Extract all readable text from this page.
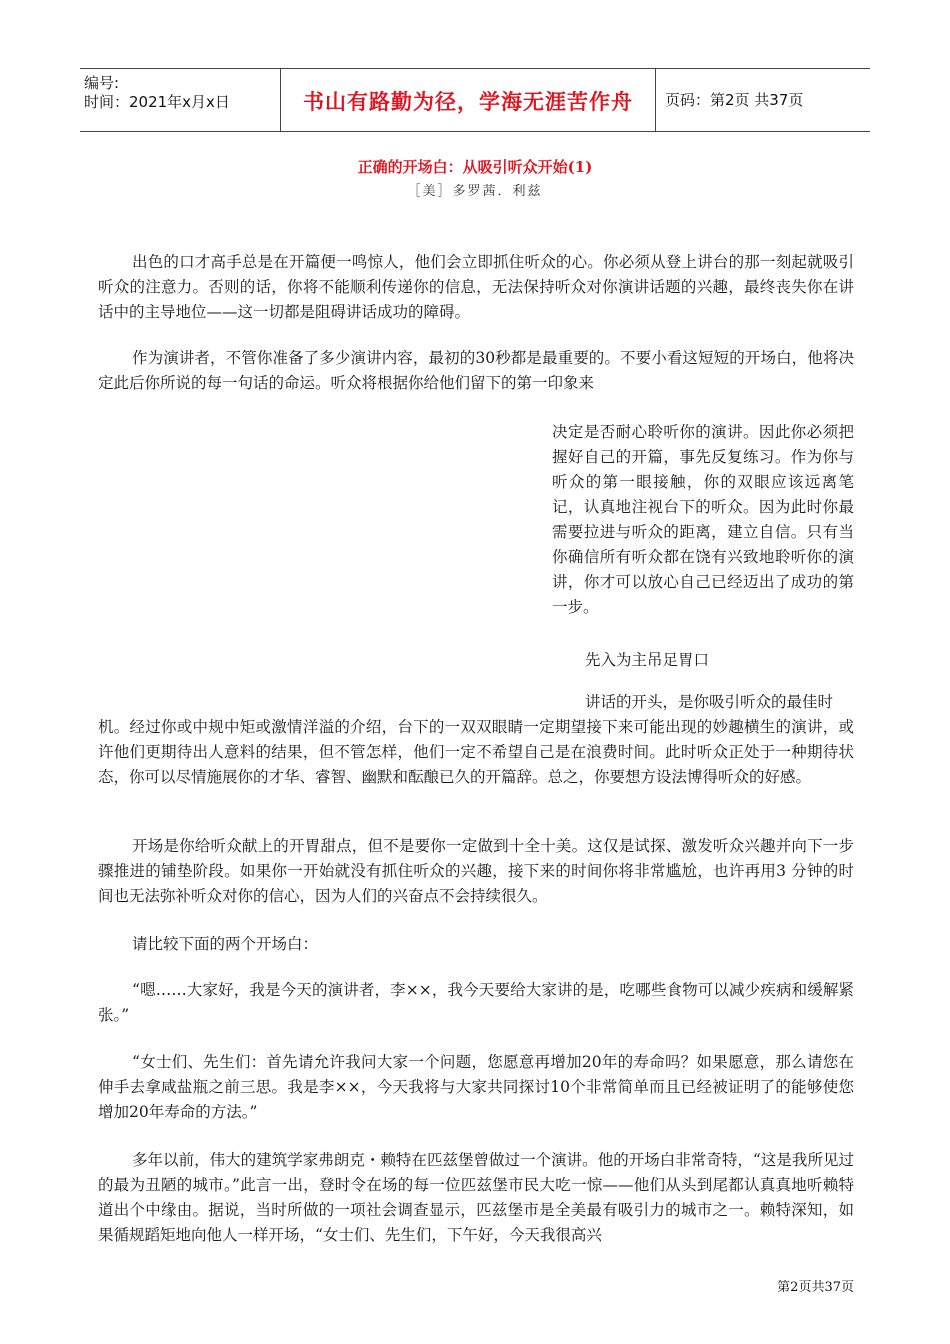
编号:
时间：2021年x月x日	书山有路勤为径，学海无涯苦作舟	页码：第2页 共37页
正确的开场白：从吸引听众开始(1)
［美］多罗茜．利兹

出色的口才高手总是在开篇便一鸣惊人，他们会立即抓住听众的心。你必须从登上讲台的那一刻起就吸引听众的注意力。否则的话，你将不能顺利传递你的信息，无法保持听众对你演讲话题的兴趣，最终丧失你在讲话中的主导地位——这一切都是阻碍讲话成功的障碍。

作为演讲者，不管你准备了多少演讲内容，最初的30秒都是最重要的。不要小看这短短的开场白，他将决定此后你所说的每一句话的命运。听众将根据你给他们留下的第一印象来

决定是否耐心聆听你的演讲。因此你必须把握好自己的开篇，事先反复练习。作为你与听众的第一眼接触，你的双眼应该远离笔记，认真地注视台下的听众。因为此时你最需要拉进与听众的距离，建立自信。只有当你确信所有听众都在饶有兴致地聆听你的演讲，你才可以放心自己已经迈出了成功的第一步。

先入为主吊足胃口
讲话的开头，是你吸引听众的最佳时

机。经过你或中规中矩或激情洋溢的介绍，台下的一双双眼睛一定期望接下来可能出现的妙趣横生的演讲，或许他们更期待出人意料的结果，但不管怎样，他们一定不希望自己是在浪费时间。此时听众正处于一种期待状态，你可以尽情施展你的才华、睿智、幽默和酝酿已久的开篇辞。总之，你要想方设法博得听众的好感。

开场是你给听众献上的开胃甜点，但不是要你一定做到十全十美。这仅是试探、激发听众兴趣并向下一步骤推进的铺垫阶段。如果你一开始就没有抓住听众的兴趣，接下来的时间你将非常尴尬，也许再用3 分钟的时间也无法弥补听众对你的信心，因为人们的兴奋点不会持续很久。

请比较下面的两个开场白：

“嗯……大家好，我是今天的演讲者，李××，我今天要给大家讲的是，吃哪些食物可以减少疾病和缓解紧张。”

“女士们、先生们：首先请允许我问大家一个问题，您愿意再增加20年的寿命吗？如果愿意，那么请您在伸手去拿咸盐瓶之前三思。我是李××，今天我将与大家共同探讨10个非常简单而且已经被证明了的能够使您增加20年寿命的方法。”

多年以前，伟大的建筑学家弗朗克・赖特在匹兹堡曾做过一个演讲。他的开场白非常奇特，“这是我所见过的最为丑陋的城市。”此言一出，登时令在场的每一位匹兹堡市民大吃一惊——他们从头到尾都认真真地听赖特道出个中缘由。据说，当时所做的一项社会调查显示，匹兹堡市是全美最有吸引力的城市之一。赖特深知，如果循规蹈矩地向他人一样开场，“女士们、先生们，下午好，今天我很高兴

第2页共37页
